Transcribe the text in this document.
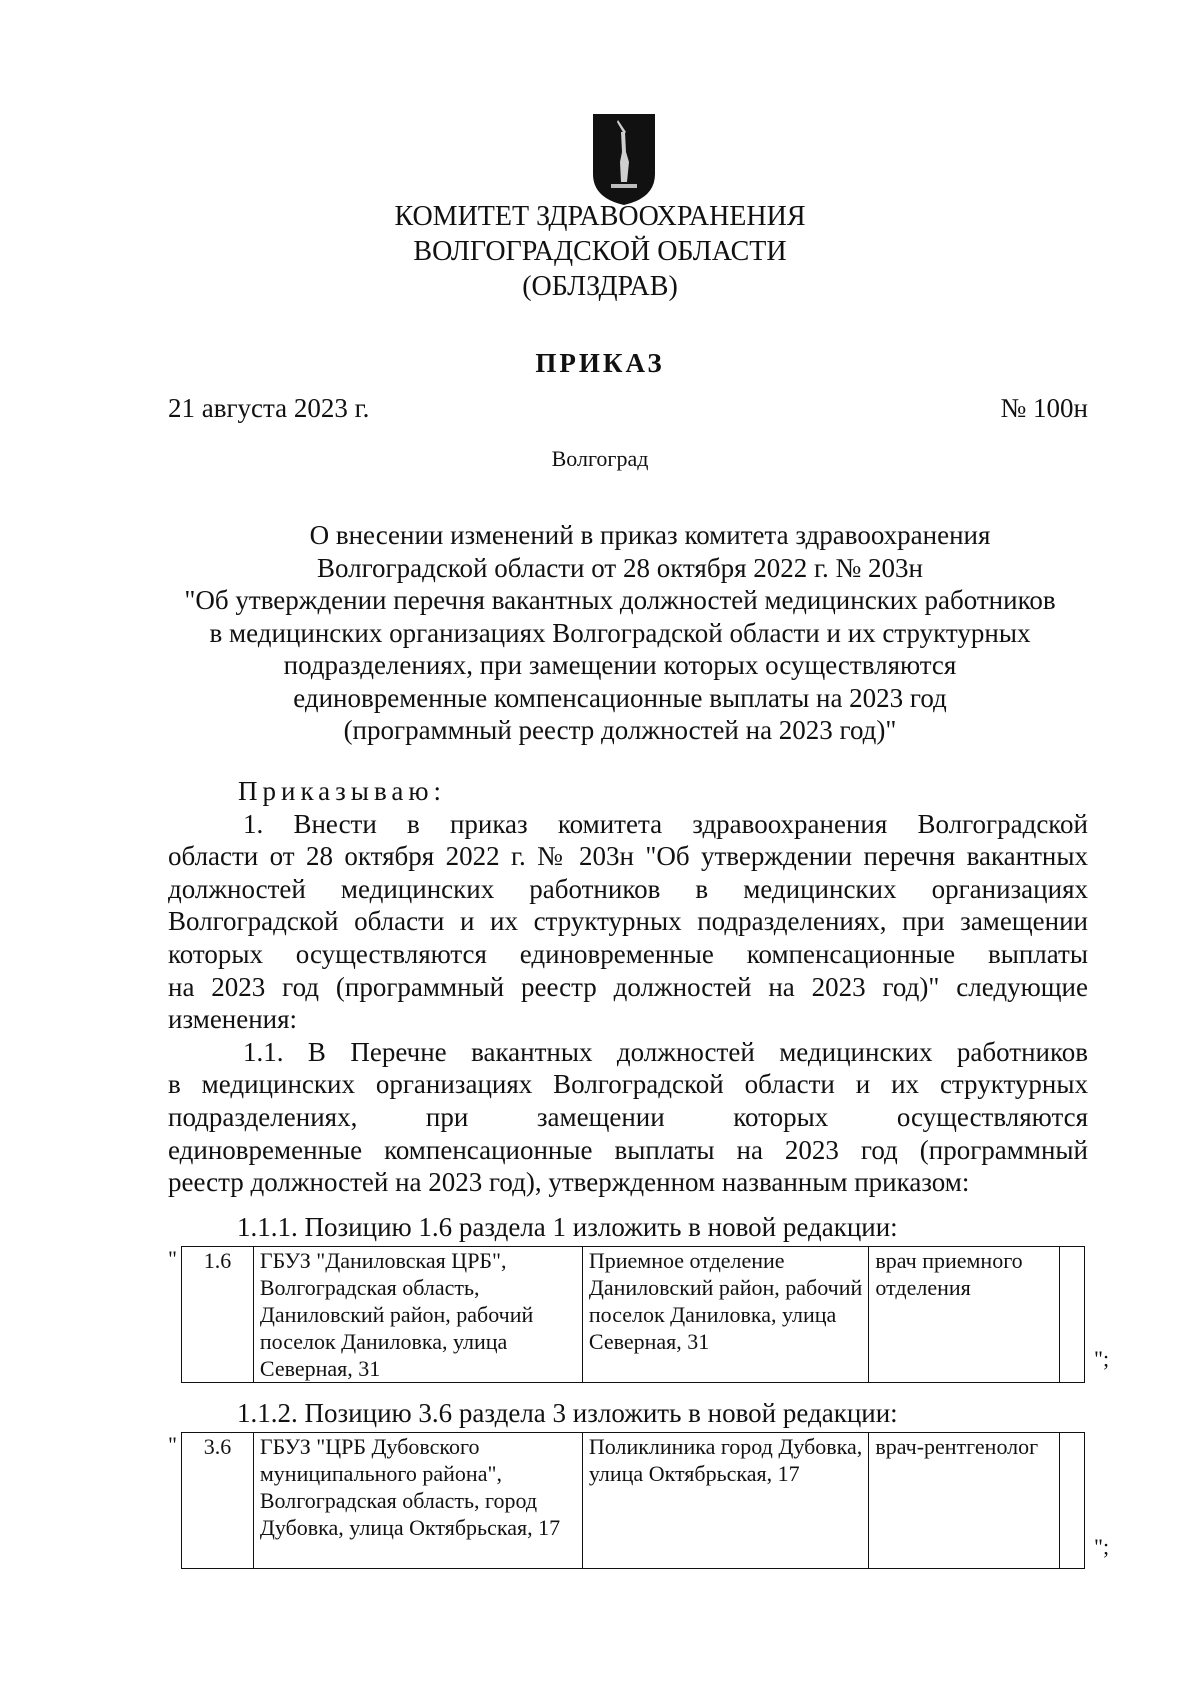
КОМИТЕТ ЗДРАВООХРАНЕНИЯ
ВОЛГОГРАДСКОЙ ОБЛАСТИ
(ОБЛЗДРАВ)
ПРИКАЗ
21 августа 2023 г.	№ 100н
Волгоград
О внесении изменений в приказ комитета здравоохранения
Волгоградской области от 28 октября 2022 г. № 203н
"Об утверждении перечня вакантных должностей медицинских работников
в медицинских организациях Волгоградской области и их структурных
подразделениях, при замещении которых осуществляются
единовременные компенсационные выплаты на 2023 год
(программный реестр должностей на 2023 год)"
Приказываю:
1. Внести в приказ комитета здравоохранения Волгоградской
области от 28 октября 2022 г. № 203н "Об утверждении перечня вакантных
должностей медицинских работников в медицинских организациях
Волгоградской области и их структурных подразделениях, при замещении
которых осуществляются единовременные компенсационные выплаты
на 2023 год (программный реестр должностей на 2023 год)" следующие
изменения:
1.1. В Перечне вакантных должностей медицинских работников
в медицинских организациях Волгоградской области и их структурных
подразделениях, при замещении которых осуществляются
единовременные компенсационные выплаты на 2023 год (программный
реестр должностей на 2023 год), утвержденном названным приказом:
1.1.1. Позицию 1.6 раздела 1 изложить в новой редакции:
" 1.6	ГБУЗ "Даниловская ЦРБ", Волгоградская область, Даниловский район, рабочий поселок Даниловка, улица Северная, 31	Приемное отделение Даниловский район, рабочий поселок Даниловка, улица Северная, 31	врач приемного отделения	
";
1.1.2. Позицию 3.6 раздела 3 изложить в новой редакции:
" 3.6	ГБУЗ "ЦРБ Дубовского муниципального района", Волгоградская область, город Дубовка, улица Октябрьская, 17	Поликлиника город Дубовка, улица Октябрьская, 17	врач-рентгенолог	
";
